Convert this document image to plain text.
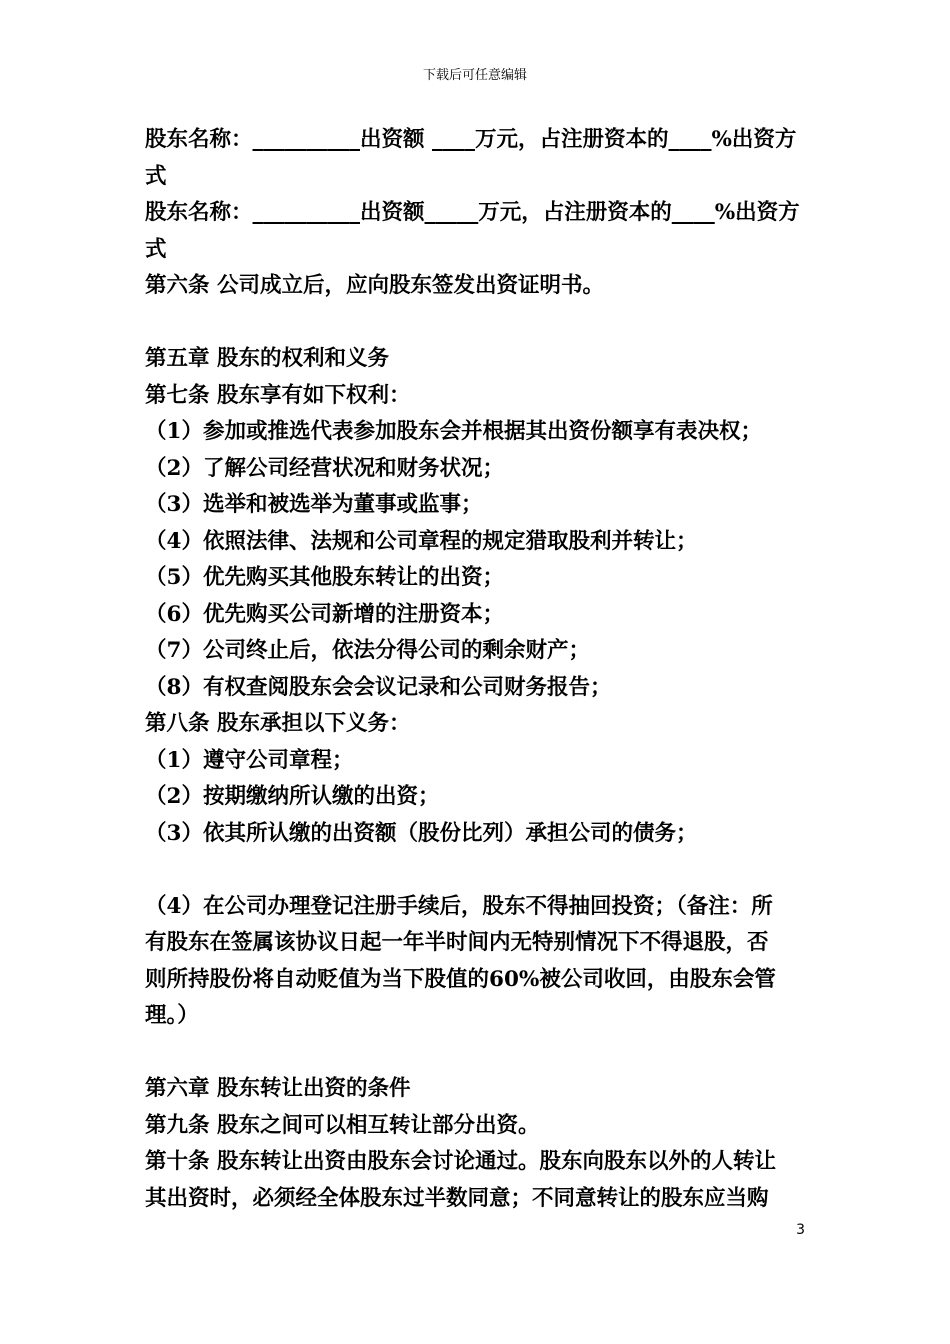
下载后可任意编辑
股东名称：__________出资额 ____万元，占注册资本的____%出资方
式
股东名称：__________出资额_____万元，占注册资本的____%出资方
式
第六条 公司成立后，应向股东签发出资证明书。
第五章 股东的权利和义务
第七条 股东享有如下权利：
（1）参加或推选代表参加股东会并根据其出资份额享有表决权；
（2）了解公司经营状况和财务状况；
（3）选举和被选举为董事或监事；
（4）依照法律、法规和公司章程的规定猎取股利并转让；
（5）优先购买其他股东转让的出资；
（6）优先购买公司新增的注册资本；
（7）公司终止后，依法分得公司的剩余财产；
（8）有权查阅股东会会议记录和公司财务报告；
第八条 股东承担以下义务：
（1）遵守公司章程；
（2）按期缴纳所认缴的出资；
（3）依其所认缴的出资额（股份比列）承担公司的债务；
（4）在公司办理登记注册手续后，股东不得抽回投资；（备注：所
有股东在签属该协议日起一年半时间内无特别情况下不得退股，否
则所持股份将自动贬值为当下股值的60%被公司收回，由股东会管
理。）
第六章 股东转让出资的条件
第九条 股东之间可以相互转让部分出资。
第十条 股东转让出资由股东会讨论通过。股东向股东以外的人转让
其出资时，必须经全体股东过半数同意；不同意转让的股东应当购
3
